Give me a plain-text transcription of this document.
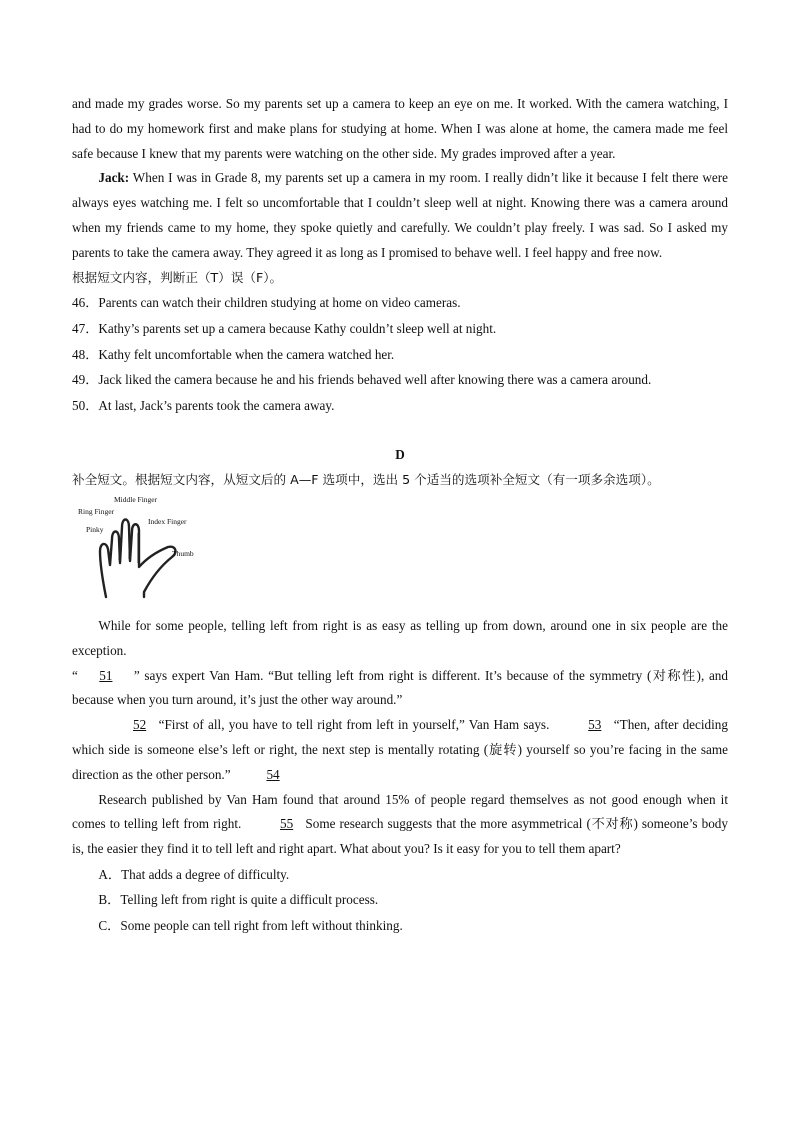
and made my grades worse. So my parents set up a camera to keep an eye on me. It worked. With the camera watching, I had to do my homework first and make plans for studying at home. When I was alone at home, the camera made me feel safe because I knew that my parents were watching on the other side. My grades improved after a year.

Jack: When I was in Grade 8, my parents set up a camera in my room. I really didn’t like it because I felt there were always eyes watching me. I felt so uncomfortable that I couldn’t sleep well at night. Knowing there was a camera around when my friends came to my home, they spoke quietly and carefully. We couldn’t play freely. I was sad. So I asked my parents to take the camera away. They agreed it as long as I promised to behave well. I feel happy and free now.

根据短文内容，判断正（T）误（F）。

46．Parents can watch their children studying at home on video cameras.

47．Kathy’s parents set up a camera because Kathy couldn’t sleep well at night.

48．Kathy felt uncomfortable when the camera watched her.

49．Jack liked the camera because he and his friends behaved well after knowing there was a camera around.

50．At last, Jack’s parents took the camera away.

D

补全短文。根据短文内容，从短文后的 A—F 选项中，选出 5 个适当的选项补全短文（有一项多余选项）。

Middle Finger
Ring Finger
Index Finger
Pinky
Thumb

While for some people, telling left from right is as easy as telling up from down, around one in six people are the exception.

“ 51 ” says expert Van Ham. “But telling left from right is different. It’s because of the symmetry (对称性), and because when you turn around, it’s just the other way around.”

52 “First of all, you have to tell right from left in yourself,” Van Ham says.	53 “Then, after deciding which side is someone else’s left or right, the next step is mentally rotating (旋转) yourself so you’re facing in the same direction as the other person.” 54

Research published by Van Ham found that around 15% of people regard themselves as not good enough when it comes to telling left from right.	55 Some research suggests that the more asymmetrical (不对称) someone’s body is, the easier they find it to tell left and right apart. What about you? Is it easy for you to tell them apart?

A．That adds a degree of difficulty.

B．Telling left from right is quite a difficult process.

C．Some people can tell right from left without thinking.
